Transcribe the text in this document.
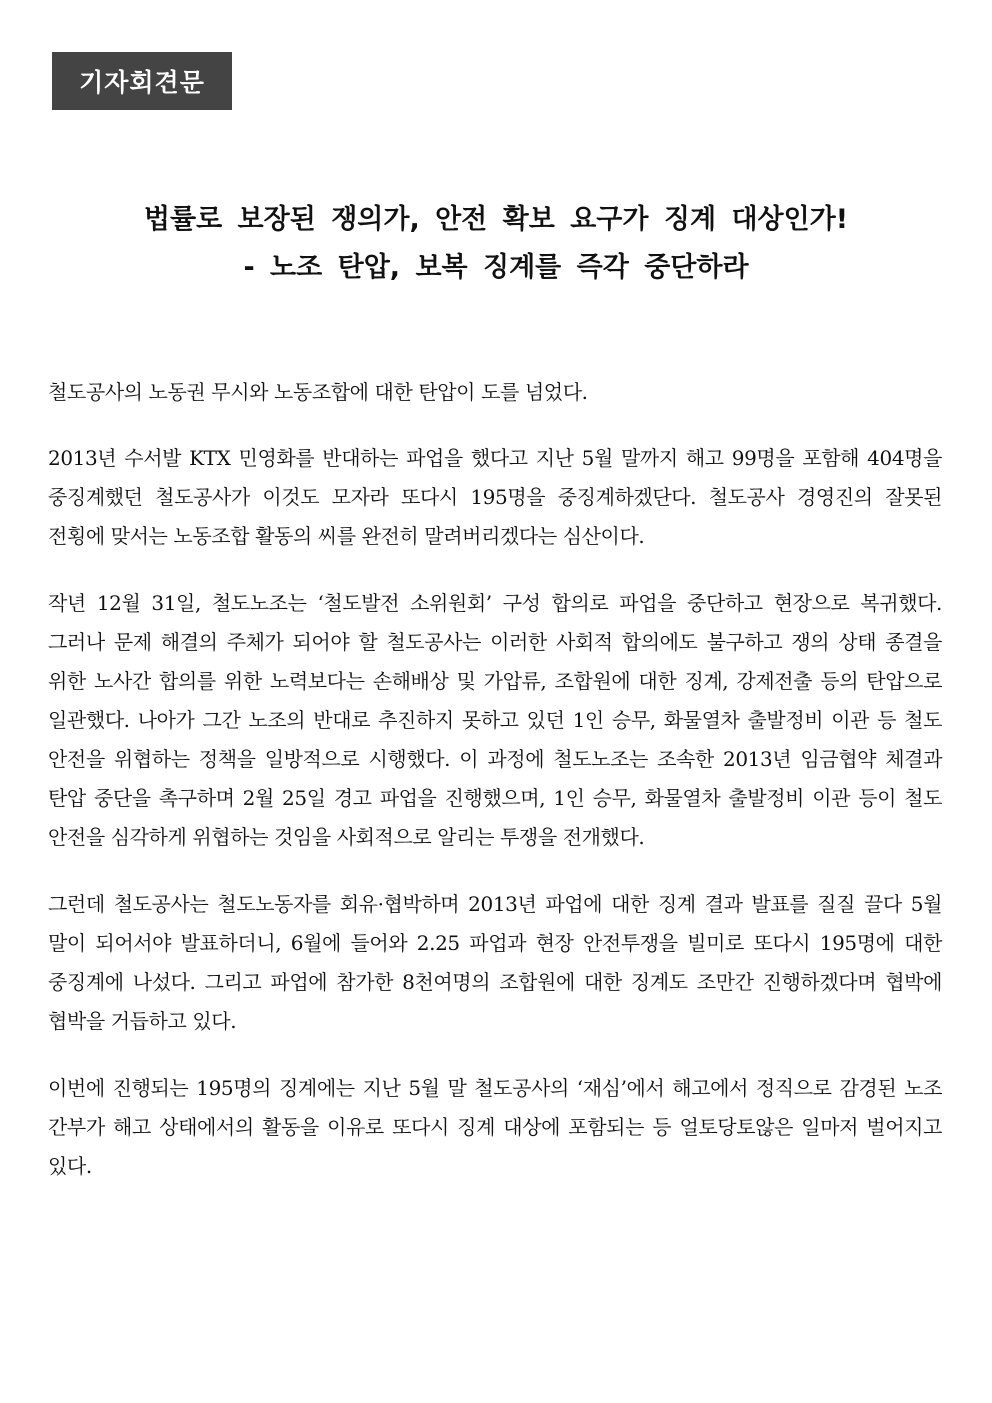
기자회견문

법률로 보장된 쟁의가, 안전 확보 요구가 징계 대상인가!

- 노조 탄압, 보복 징계를 즉각 중단하라

철도공사의 노동권 무시와 노동조합에 대한 탄압이 도를 넘었다.

2013년 수서발 KTX 민영화를 반대하는 파업을 했다고 지난 5월 말까지 해고 99명을 포함해 404명을 중징계했던 철도공사가 이것도 모자라 또다시 195명을 중징계하겠단다. 철도공사 경영진의 잘못된 전횡에 맞서는 노동조합 활동의 씨를 완전히 말려버리겠다는 심산이다.

작년 12월 31일, 철도노조는 ‘철도발전 소위원회’ 구성 합의로 파업을 중단하고 현장으로 복귀했다. 그러나 문제 해결의 주체가 되어야 할 철도공사는 이러한 사회적 합의에도 불구하고 쟁의 상태 종결을 위한 노사간 합의를 위한 노력보다는 손해배상 및 가압류, 조합원에 대한 징계, 강제전출 등의 탄압으로 일관했다. 나아가 그간 노조의 반대로 추진하지 못하고 있던 1인 승무, 화물열차 출발정비 이관 등 철도 안전을 위협하는 정책을 일방적으로 시행했다. 이 과정에 철도노조는 조속한 2013년 임금협약 체결과 탄압 중단을 촉구하며 2월 25일 경고 파업을 진행했으며, 1인 승무, 화물열차 출발정비 이관 등이 철도 안전을 심각하게 위협하는 것임을 사회적으로 알리는 투쟁을 전개했다.

그런데 철도공사는 철도노동자를 회유·협박하며 2013년 파업에 대한 징계 결과 발표를 질질 끌다 5월 말이 되어서야 발표하더니, 6월에 들어와 2.25 파업과 현장 안전투쟁을 빌미로 또다시 195명에 대한 중징계에 나섰다. 그리고 파업에 참가한 8천여명의 조합원에 대한 징계도 조만간 진행하겠다며 협박에 협박을 거듭하고 있다.

이번에 진행되는 195명의 징계에는 지난 5월 말 철도공사의 ‘재심’에서 해고에서 정직으로 감경된 노조 간부가 해고 상태에서의 활동을 이유로 또다시 징계 대상에 포함되는 등 얼토당토않은 일마저 벌어지고 있다.
